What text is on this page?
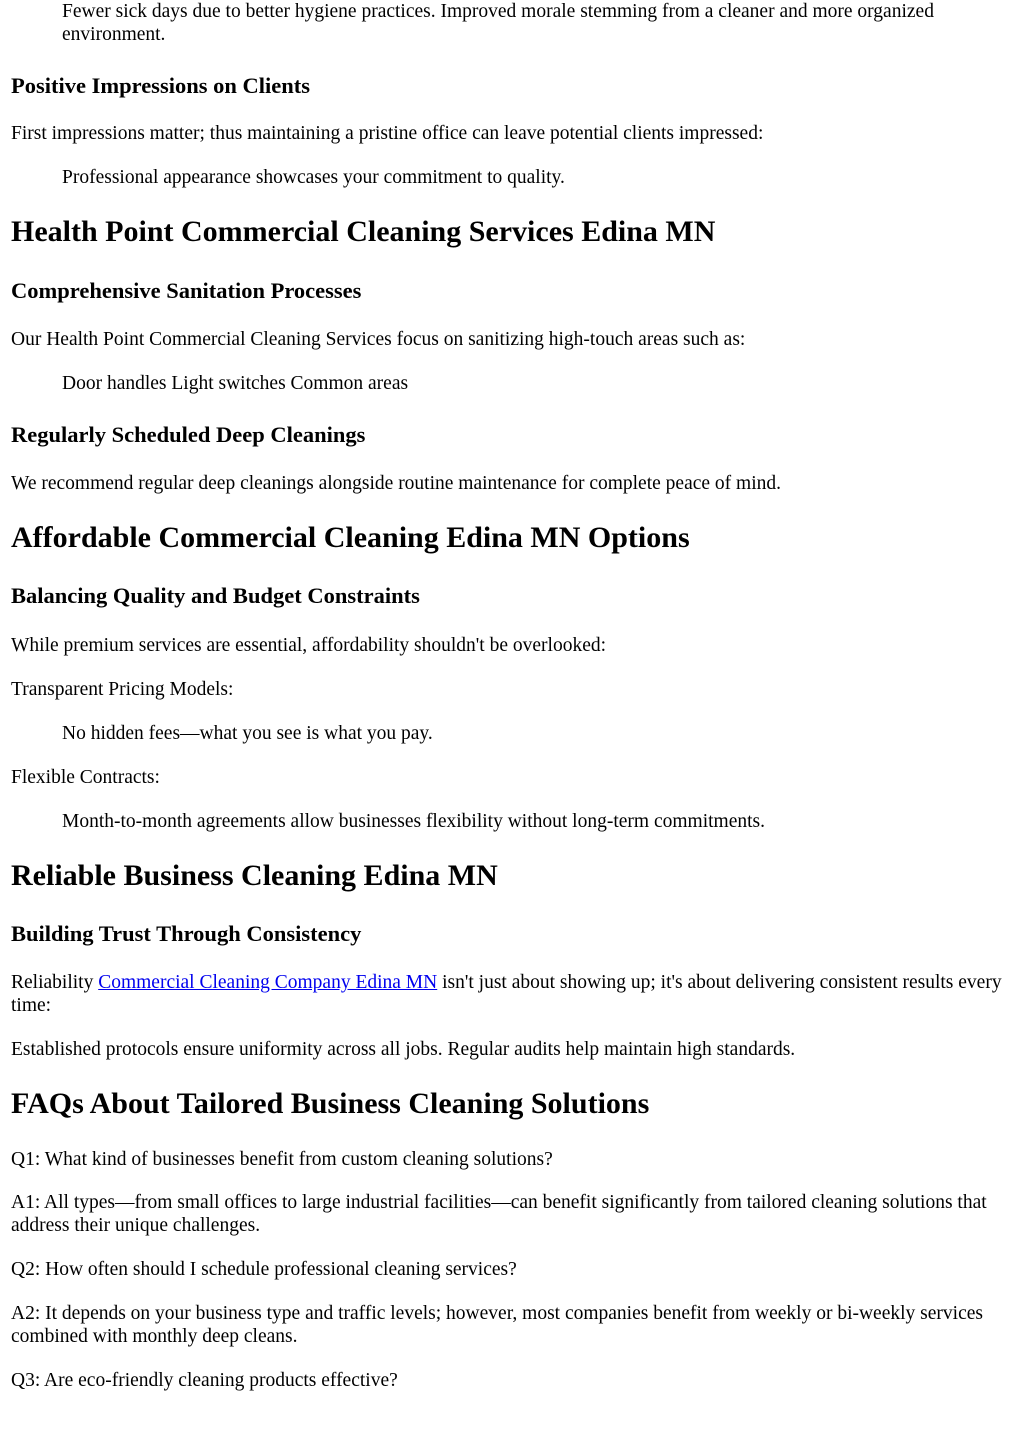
Fewer sick days due to better hygiene practices. Improved morale stemming from a cleaner and more organized environment.

Positive Impressions on Clients

First impressions matter; thus maintaining a pristine office can leave potential clients impressed:

Professional appearance showcases your commitment to quality.

Health Point Commercial Cleaning Services Edina MN
Comprehensive Sanitation Processes

Our Health Point Commercial Cleaning Services focus on sanitizing high-touch areas such as:

Door handles Light switches Common areas

Regularly Scheduled Deep Cleanings

We recommend regular deep cleanings alongside routine maintenance for complete peace of mind.

Affordable Commercial Cleaning Edina MN Options
Balancing Quality and Budget Constraints

While premium services are essential, affordability shouldn't be overlooked:

Transparent Pricing Models:

No hidden fees—what you see is what you pay.

Flexible Contracts:

Month-to-month agreements allow businesses flexibility without long-term commitments.

Reliable Business Cleaning Edina MN
Building Trust Through Consistency

Reliability Commercial Cleaning Company Edina MN isn't just about showing up; it's about delivering consistent results every time:

Established protocols ensure uniformity across all jobs. Regular audits help maintain high standards.

FAQs About Tailored Business Cleaning Solutions

Q1: What kind of businesses benefit from custom cleaning solutions?

A1: All types—from small offices to large industrial facilities—can benefit significantly from tailored cleaning solutions that address their unique challenges.

Q2: How often should I schedule professional cleaning services?

A2: It depends on your business type and traffic levels; however, most companies benefit from weekly or bi-weekly services combined with monthly deep cleans.

Q3: Are eco-friendly cleaning products effective?
